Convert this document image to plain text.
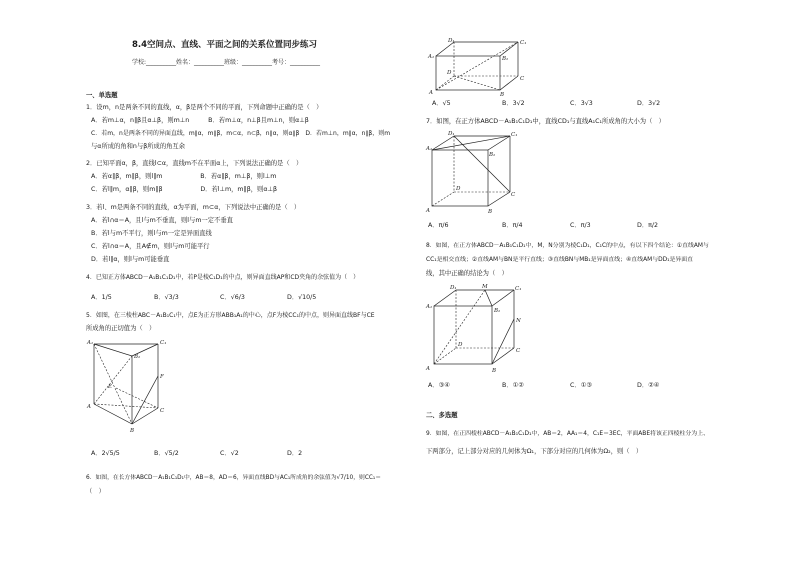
8.4空间点、直线、平面之间的关系位置同步练习
学校:__________姓名：__________班级：__________考号：__________
一、单选题
1．设m，n是两条不同的直线，α，β是两个不同的平面，下列命题中正确的是（　）
A．若m⊥α，n∥β且α⊥β，则m⊥n　　　B．若m⊥α，n⊥β且m⊥n，则α⊥β
C．若m，n是两条不同的异面直线，m∥α，m∥β，m⊂α，n⊂β，n∥α，则α∥β　D．若m⊥n，m∥α，n∥β，则m
与α所成的角和n与β所成的角互余
2．已知平面α，β，直线l⊂α，直线m不在平面α上，下列说法正确的是（　）
A．若α∥β，m∥β，则l∥m　　　　　　B．若α∥β，m⊥β，则l⊥m
C．若l∥m，α∥β，则m∥β　　　　　　D．若l⊥m，m∥β，则α⊥β
3．若l、m是两条不同的直线，α为平面，m⊂α，下列说法中正确的是（　）
A．若l∩α＝A，且l与m不垂直，则l与m一定不垂直
B．若l与m不平行，则l与m一定是异面直线
C．若l∩α＝A，且A∉m，则l与m可能平行
D．若l∥α，则l与m可能垂直
4．已知正方体ABCD－A₁B₁C₁D₁中，若P是棱C₁D₁的中点，则异面直线AP和CD夹角的余弦值为（　）
A．1/5	B．√3/3	C．√6/3	D．√10/5
5．如图，在三棱柱ABC－A₁B₁C₁中，点E为正方形ABB₁A₁的中心，点F为棱CC₁的中点，则异面直线BF与CE
所成角的正切值为（　）
A₁
B₁
C₁
E
F
A
B
C
A．2√5/5	B．√5/2	C．√2	D．2
6．如图，在长方体ABCD－A₁B₁C₁D₁中，AB＝8，AD＝6，异面直线BD与AC₁所成角的余弦值为√7/10，则CC₁＝
（　）
D₁	C₁
A₁	B₁
D
C
A	B
A．√5	B．3√2	C．3√3	D．3√2
7．如图，在正方体ABCD－A₁B₁C₁D₁中，直线CD₁与直线A₁C₁所成角的大小为（　）
D₁	C₁
A₁
B₁
D
C
A	B
A．π/6	B．π/4	C．π/3	D．π/2
8．如图，在正方体ABCD－A₁B₁C₁D₁中，M，N分别为棱C₁D₁，C₁C的中点，有以下四个结论：①直线AM与
CC₁是相交直线；②直线AM与BN是平行直线；③直线BN与MB₁是异面直线；④直线AM与DD₁是异面直
线，其中正确的结论为（　）
D₁	M	C₁
A₁
B₁
N
D
C
A	B
A．③④	B．①②	C．①③	D．②④
二、多选题
9．如图，在正四棱柱ABCD－A₁B₁C₁D₁中，AB＝2，AA₁＝4，C₁E＝3EC，平面ABE将该正四棱柱分为上、
下两部分，记上部分对应的几何体为Ω₁，下部分对应的几何体为Ω₂，则（　）
